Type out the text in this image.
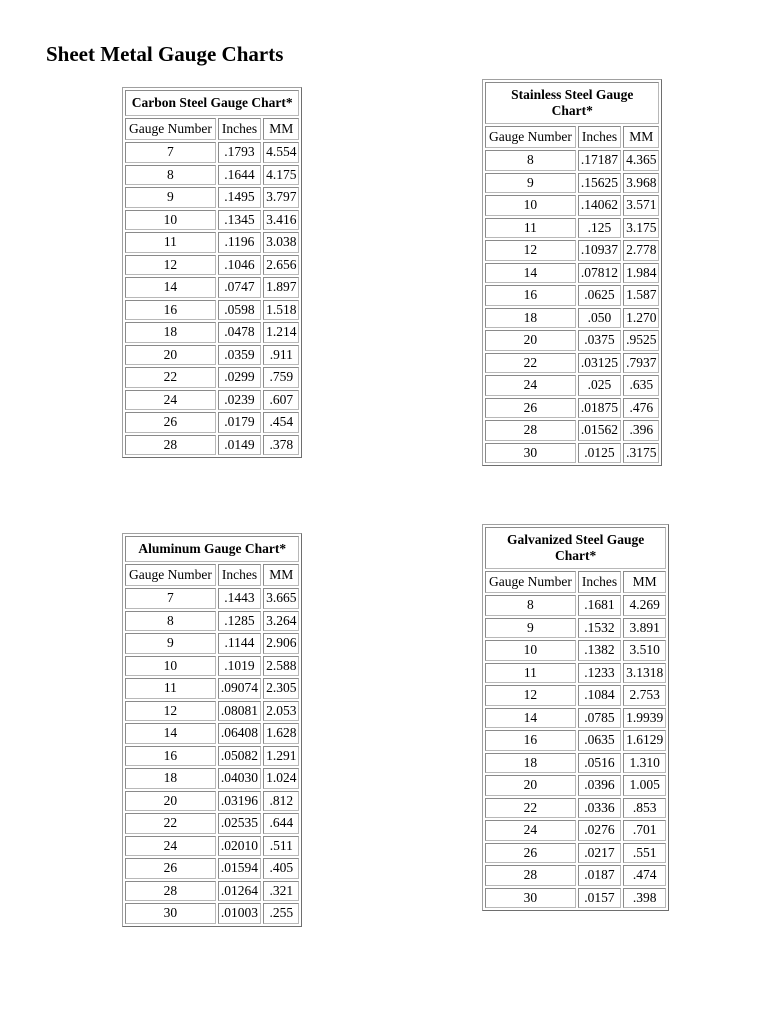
Sheet Metal Gauge Charts
Carbon Steel Gauge Chart*		
Gauge Number	Inches	MM
7	.1793	4.554
8	.1644	4.175
9	.1495	3.797
10	.1345	3.416
11	.1196	3.038
12	.1046	2.656
14	.0747	1.897
16	.0598	1.518
18	.0478	1.214
20	.0359	.911
22	.0299	.759
24	.0239	.607
26	.0179	.454
28	.0149	.378
Stainless Steel Gauge Chart*		
Gauge Number	Inches	MM
8	.17187	4.365
9	.15625	3.968
10	.14062	3.571
11	.125	3.175
12	.10937	2.778
14	.07812	1.984
16	.0625	1.587
18	.050	1.270
20	.0375	.9525
22	.03125	.7937
24	.025	.635
26	.01875	.476
28	.01562	.396
30	.0125	.3175
Aluminum Gauge Chart*		
Gauge Number	Inches	MM
7	.1443	3.665
8	.1285	3.264
9	.1144	2.906
10	.1019	2.588
11	.09074	2.305
12	.08081	2.053
14	.06408	1.628
16	.05082	1.291
18	.04030	1.024
20	.03196	.812
22	.02535	.644
24	.02010	.511
26	.01594	.405
28	.01264	.321
30	.01003	.255
Galvanized Steel Gauge Chart*		
Gauge Number	Inches	MM
8	.1681	4.269
9	.1532	3.891
10	.1382	3.510
11	.1233	3.1318
12	.1084	2.753
14	.0785	1.9939
16	.0635	1.6129
18	.0516	1.310
20	.0396	1.005
22	.0336	.853
24	.0276	.701
26	.0217	.551
28	.0187	.474
30	.0157	.398
